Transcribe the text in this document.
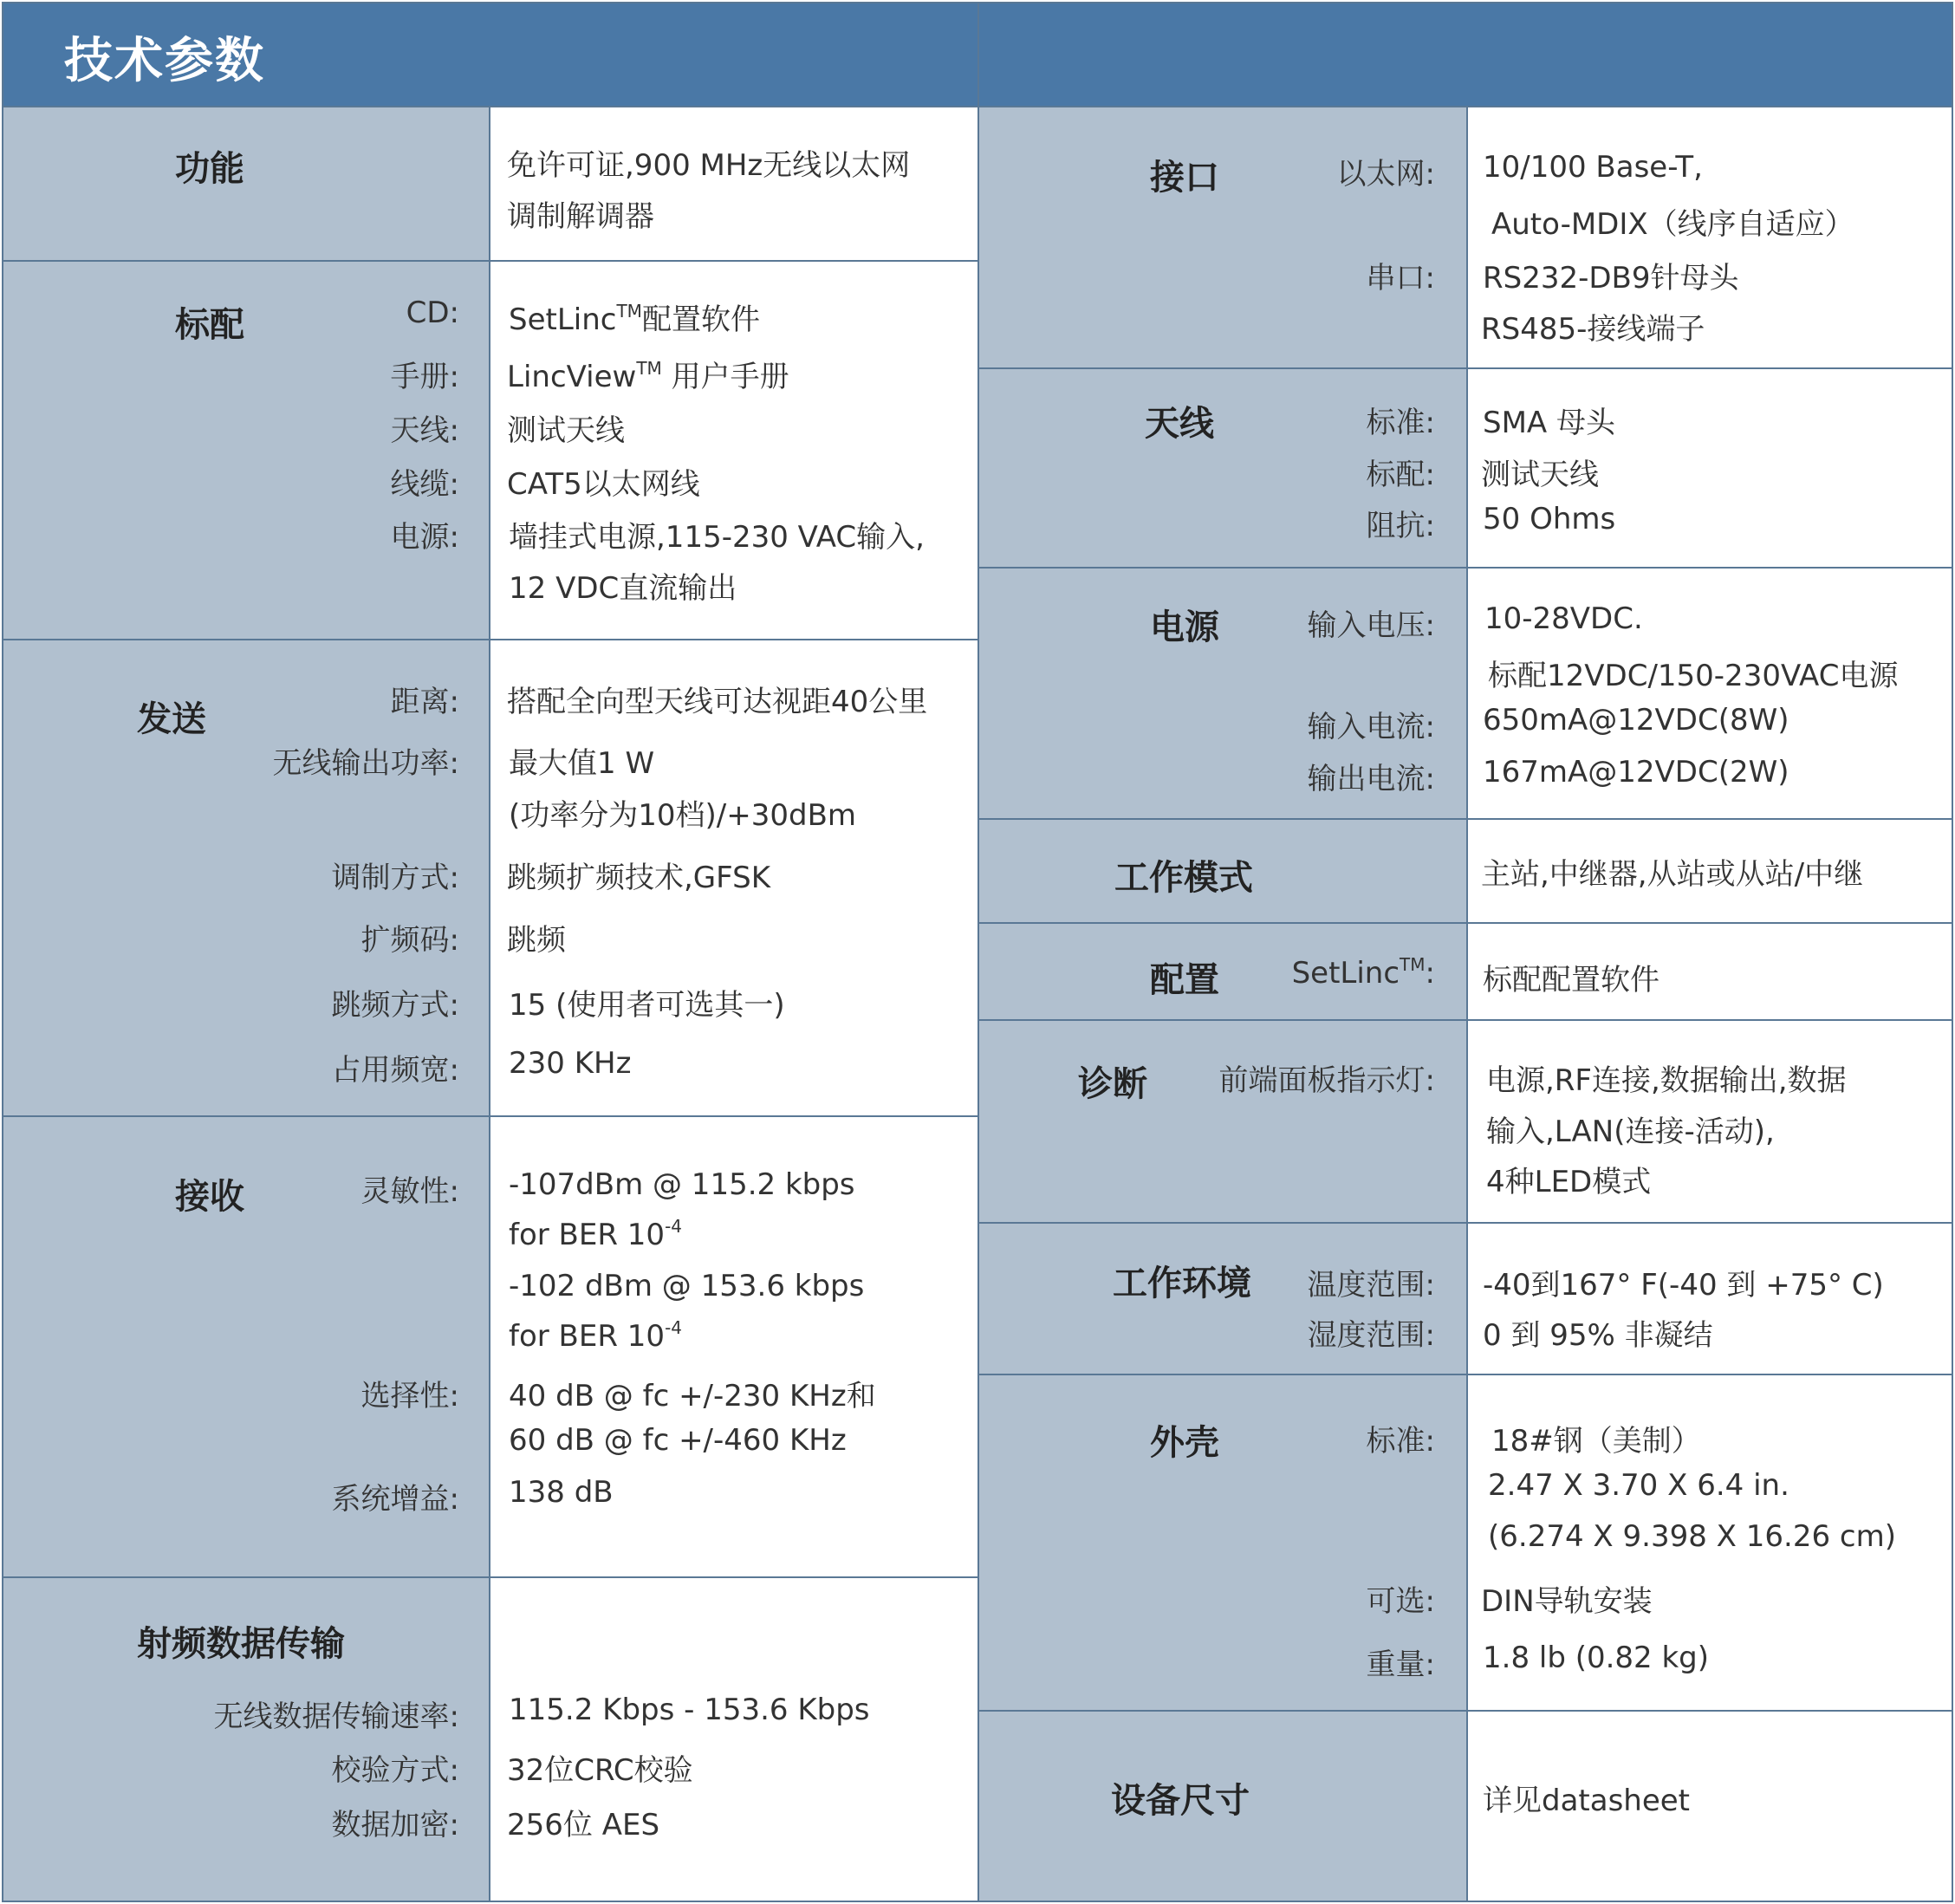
技术参数
功能	免许可证,900 MHz无线以太网
调制解调器
标配	CD: SetLinc™配置软件
手册: LincView™ 用户手册
天线: 测试天线
线缆: CAT5以太网线
电源: 墙挂式电源,115-230 VAC输入,
12 VDC直流输出
发送	距离: 搭配全向型天线可达视距40公里
无线输出功率: 最大值1 W
(功率分为10档)/+30dBm
调制方式: 跳频扩频技术,GFSK
扩频码: 跳频
跳频方式: 15 (使用者可选其一)
占用频宽: 230 KHz
接收	灵敏性: -107dBm @ 115.2 kbps
for BER $10^{-4}$
-102 dBm @ 153.6 kbps
for BER $10^{-4}$
选择性: 40 dB @ fc +/-230 KHz和
60 dB @ fc +/-460 KHz
系统增益: 138 dB
射频数据传输
无线数据传输速率: 115.2 Kbps - 153.6 Kbps
校验方式: 32位CRC校验
数据加密: 256位 AES
接口	以太网: 10/100 Base-T,
Auto-MDIX（线序自适应）
串口: RS232-DB9针母头
RS485-接线端子
天线	标准: SMA 母头
标配: 测试天线
阻抗: 50 Ohms
电源	输入电压: 10-28VDC.
标配12VDC/150-230VAC电源
输入电流: 650mA@12VDC(8W)
输出电流: 167mA@12VDC(2W)
工作模式	主站,中继器,从站或从站/中继
配置 SetLinc™: 标配配置软件
诊断 前端面板指示灯: 电源,RF连接,数据输出,数据
输入,LAN(连接-活动),
4种LED模式
工作环境 温度范围: -40到167° F(-40 到 +75° C)
湿度范围: 0 到 95% 非凝结
外壳	标准: 18#钢（美制）
2.47 X 3.70 X 6.4 in.
(6.274 X 9.398 X 16.26 cm)
可选: DIN导轨安装
重量: 1.8 lb (0.82 kg)
设备尺寸	详见datasheet
